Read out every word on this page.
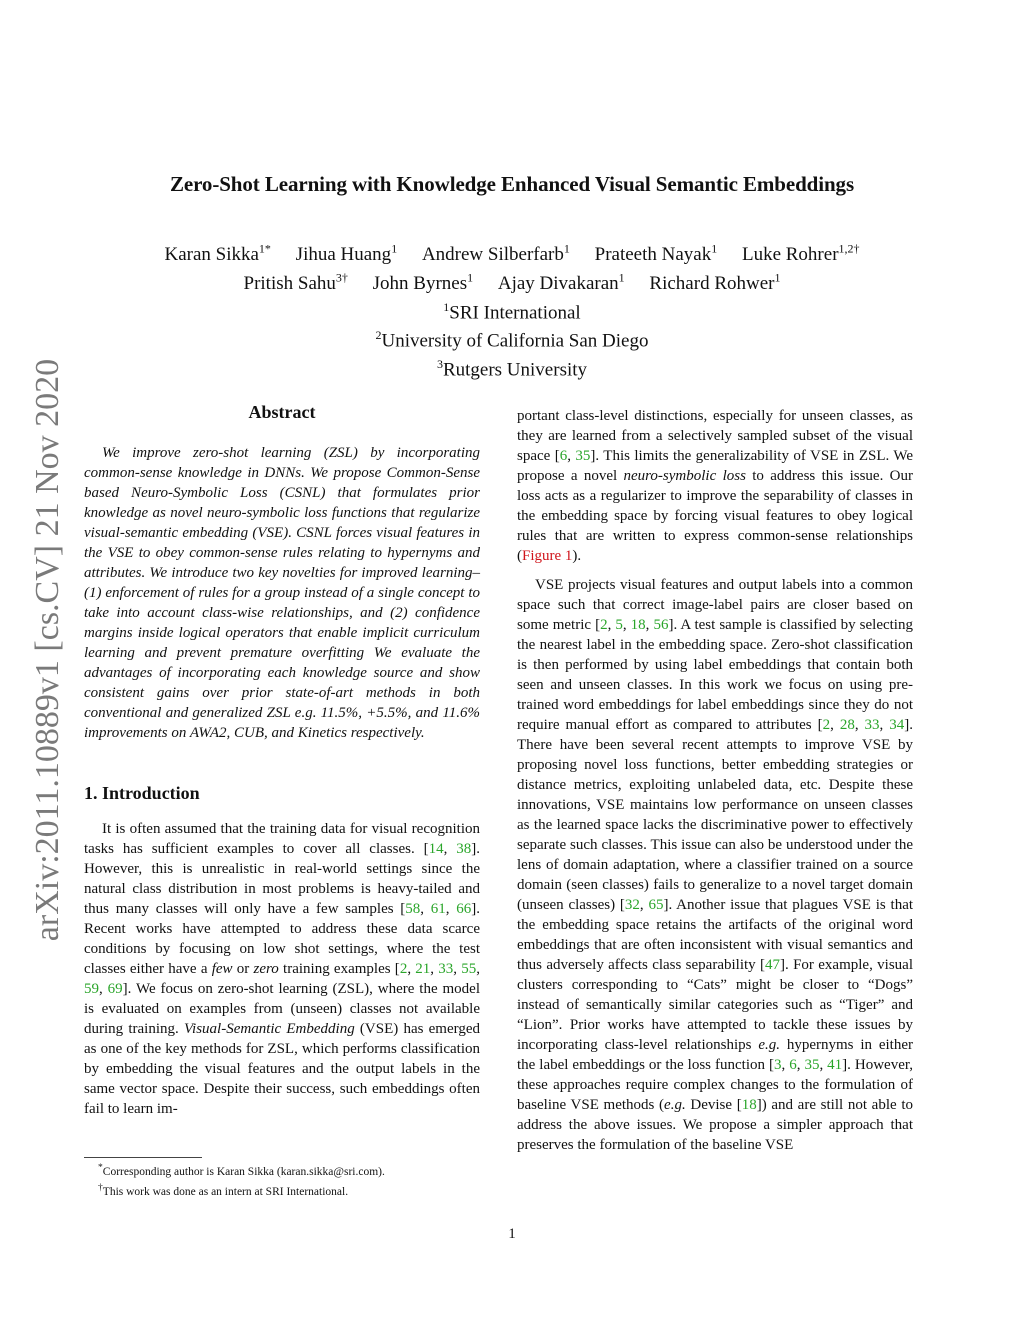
arXiv:2011.10889v1 [cs.CV] 21 Nov 2020
Zero-Shot Learning with Knowledge Enhanced Visual Semantic Embeddings
Karan Sikka$^{1*}$ Jihua Huang$^1$ Andrew Silberfarb$^1$ Prateeth Nayak$^1$ Luke Rohrer$^{1,2\dagger}$
Pritish Sahu$^{3\dagger}$ John Byrnes$^1$ Ajay Divakaran$^1$ Richard Rohwer$^1$
$^1$SRI International
$^2$University of California San Diego
$^3$Rutgers University
Abstract

We improve zero-shot learning (ZSL) by incorporating common-sense knowledge in DNNs. We propose Common-Sense based Neuro-Symbolic Loss (CSNL) that formulates prior knowledge as novel neuro-symbolic loss functions that regularize visual-semantic embedding (VSE). CSNL forces visual features in the VSE to obey common-sense rules relating to hypernyms and attributes. We introduce two key novelties for improved learning– (1) enforcement of rules for a group instead of a single concept to take into account class-wise relationships, and (2) confidence margins inside logical operators that enable implicit curriculum learning and prevent premature overfitting We evaluate the advantages of incorporating each knowledge source and show consistent gains over prior state-of-art methods in both conventional and generalized ZSL e.g. 11.5%, +5.5%, and 11.6% improvements on AWA2, CUB, and Kinetics respectively.

1. Introduction

It is often assumed that the training data for visual recognition tasks has sufficient examples to cover all classes. [14, 38]. However, this is unrealistic in real-world settings since the natural class distribution in most problems is heavy-tailed and thus many classes will only have a few samples [58, 61, 66]. Recent works have attempted to address these data scarce conditions by focusing on low shot settings, where the test classes either have a few or zero training examples [2, 21, 33, 55, 59, 69]. We focus on zero-shot learning (ZSL), where the model is evaluated on examples from (unseen) classes not available during training. Visual-Semantic Embedding (VSE) has emerged as one of the key methods for ZSL, which performs classification by embedding the visual features and the output labels in the same vector space. Despite their success, such embeddings often fail to learn im-

*Corresponding author is Karan Sikka (karan.sikka@sri.com).
†This work was done as an intern at SRI International.

portant class-level distinctions, especially for unseen classes, as they are learned from a selectively sampled subset of the visual space [6, 35]. This limits the generalizability of VSE in ZSL. We propose a novel neuro-symbolic loss to address this issue. Our loss acts as a regularizer to improve the separability of classes in the embedding space by forcing visual features to obey logical rules that are written to express common-sense relationships (Figure 1).

VSE projects visual features and output labels into a common space such that correct image-label pairs are closer based on some metric [2, 5, 18, 56]. A test sample is classified by selecting the nearest label in the embedding space. Zero-shot classification is then performed by using label embeddings that contain both seen and unseen classes. In this work we focus on using pre-trained word embeddings for label embeddings since they do not require manual effort as compared to attributes [2, 28, 33, 34]. There have been several recent attempts to improve VSE by proposing novel loss functions, better embedding strategies or distance metrics, exploiting unlabeled data, etc. Despite these innovations, VSE maintains low performance on unseen classes as the learned space lacks the discriminative power to effectively separate such classes. This issue can also be understood under the lens of domain adaptation, where a classifier trained on a source domain (seen classes) fails to generalize to a novel target domain (unseen classes) [32, 65]. Another issue that plagues VSE is that the embedding space retains the artifacts of the original word embeddings that are often inconsistent with visual semantics and thus adversely affects class separability [47]. For example, visual clusters corresponding to “Cats” might be closer to “Dogs” instead of semantically similar categories such as “Tiger” and “Lion”. Prior works have attempted to tackle these issues by incorporating class-level relationships e.g. hypernyms in either the label embeddings or the loss function [3, 6, 35, 41]. However, these approaches require complex changes to the formulation of baseline VSE methods (e.g. Devise [18]) and are still not able to address the above issues. We propose a simpler approach that preserves the formulation of the baseline VSE

1
